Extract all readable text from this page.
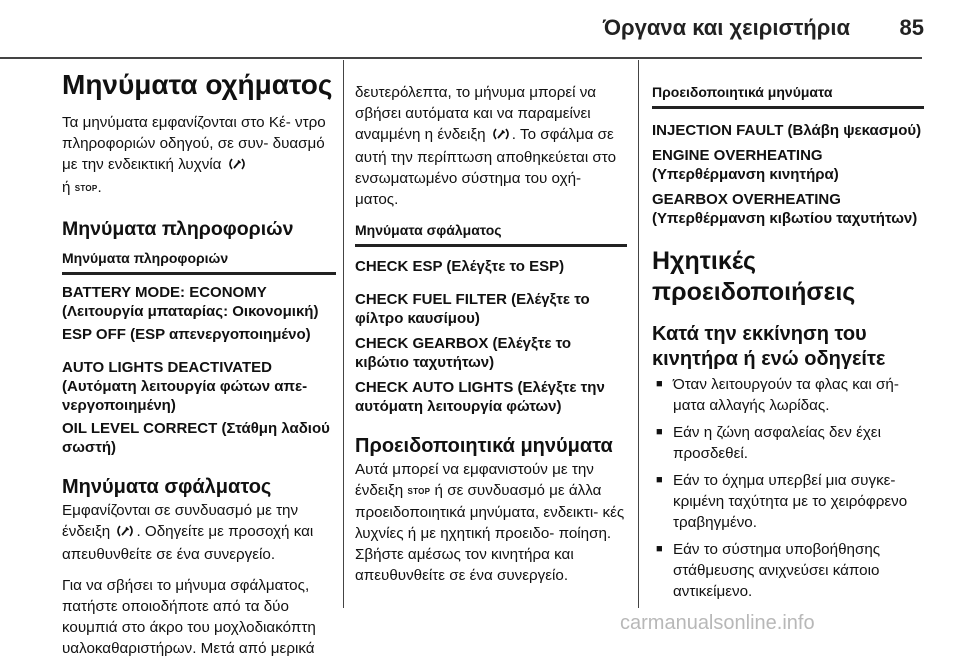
Όργανα και χειριστήρια	85
Μηνύματα οχήματος

Τα μηνύματα εμφανίζονται στο Κέ- ντρο πληροφοριών οδηγού, σε συν- δυασμό με την ενδεικτική λυχνία
ή STOP.

Μηνύματα πληροφοριών
Μηνύματα πληροφοριών
BATTERY MODE: ECONOMY (Λειτουργία μπαταρίας: Οικονομική)
ESP OFF (ESP απενεργοποιημένο)
AUTO LIGHTS DEACTIVATED (Αυτόματη λειτουργία φώτων απε- νεργοποιημένη)
OIL LEVEL CORRECT (Στάθμη λαδιού σωστή)
Μηνύματα σφάλματος

Εμφανίζονται σε συνδυασμό με την ένδειξη . Οδηγείτε με προσοχή και απευθυνθείτε σε ένα συνεργείο.

Για να σβήσει το μήνυμα σφάλματος, πατήστε οποιοδήποτε από τα δύο κουμπιά στο άκρο του μοχλοδιακόπτη υαλοκαθαριστήρων. Μετά από μερικά

δευτερόλεπτα, το μήνυμα μπορεί να σβήσει αυτόματα και να παραμείνει αναμμένη η ένδειξη . Το σφάλμα σε αυτή την περίπτωση αποθηκεύεται στο ενσωματωμένο σύστημα του οχή- ματος.

Μηνύματα σφάλματος
CHECK ESP (Ελέγξτε το ESP)
CHECK FUEL FILTER (Ελέγξτε το φίλτρο καυσίμου)
CHECK GEARBOX (Ελέγξτε το κιβώτιο ταχυτήτων)
CHECK AUTO LIGHTS (Ελέγξτε την αυτόματη λειτουργία φώτων)
Προειδοποιητικά μηνύματα

Αυτά μπορεί να εμφανιστούν με την ένδειξη STOP ή σε συνδυασμό με άλλα προειδοποιητικά μηνύματα, ενδεικτι- κές λυχνίες ή με ηχητική προειδο- ποίηση. Σβήστε αμέσως τον κινητήρα και απευθυνθείτε σε ένα συνεργείο.

Προειδοποιητικά μηνύματα
INJECTION FAULT (Βλάβη ψεκασμού)
ENGINE OVERHEATING (Υπερθέρμανση κινητήρα)
GEARBOX OVERHEATING (Υπερθέρμανση κιβωτίου ταχυτήτων)
Ηχητικές προειδοποιήσεις
Κατά την εκκίνηση του κινητήρα ή ενώ οδηγείτε
■ Όταν λειτουργούν τα φλας και σή- ματα αλλαγής λωρίδας.
■ Εάν η ζώνη ασφαλείας δεν έχει προσδεθεί.
■ Εάν το όχημα υπερβεί μια συγκε- κριμένη ταχύτητα με το χειρόφρενο τραβηγμένο.
■ Εάν το σύστημα υποβοήθησης στάθμευσης ανιχνεύσει κάποιο αντικείμενο.
carmanualsonline.info
